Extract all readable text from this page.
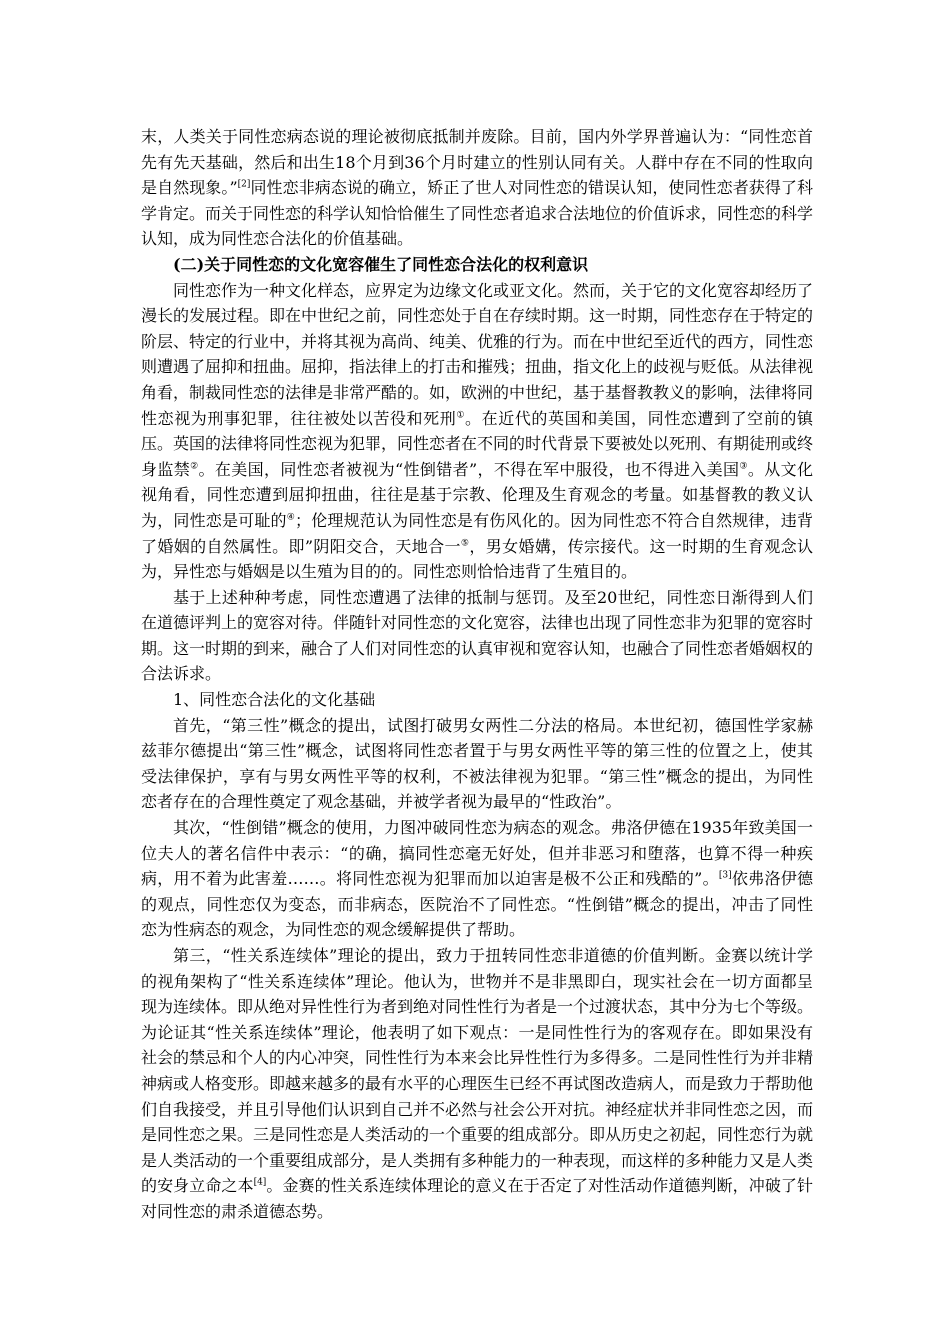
末，人类关于同性恋病态说的理论被彻底抵制并废除。目前，国内外学界普遍认为：“同性恋首先有先天基础，然后和出生18个月到36个月时建立的性别认同有关。人群中存在不同的性取向是自然现象。”[2]同性恋非病态说的确立，矫正了世人对同性恋的错误认知，使同性恋者获得了科学肯定。而关于同性恋的科学认知恰恰催生了同性恋者追求合法地位的价值诉求，同性恋的科学认知，成为同性恋合法化的价值基础。

(二)关于同性恋的文化宽容催生了同性恋合法化的权利意识

同性恋作为一种文化样态，应界定为边缘文化或亚文化。然而，关于它的文化宽容却经历了漫长的发展过程。即在中世纪之前，同性恋处于自在存续时期。这一时期，同性恋存在于特定的阶层、特定的行业中，并将其视为高尚、纯美、优雅的行为。而在中世纪至近代的西方，同性恋则遭遇了屈抑和扭曲。屈抑，指法律上的打击和摧残；扭曲，指文化上的歧视与贬低。从法律视角看，制裁同性恋的法律是非常严酷的。如，欧洲的中世纪，基于基督教教义的影响，法律将同性恋视为刑事犯罪，往往被处以苦役和死刑①。在近代的英国和美国，同性恋遭到了空前的镇压。英国的法律将同性恋视为犯罪，同性恋者在不同的时代背景下要被处以死刑、有期徒刑或终身监禁②。在美国，同性恋者被视为“性倒错者”，不得在军中服役，也不得进入美国③。从文化视角看，同性恋遭到屈抑扭曲，往往是基于宗教、伦理及生育观念的考量。如基督教的教义认为，同性恋是可耻的④；伦理规范认为同性恋是有伤风化的。因为同性恋不符合自然规律，违背了婚姻的自然属性。即”阴阳交合，天地合一⑤，男女婚媾，传宗接代。这一时期的生育观念认为，异性恋与婚姻是以生殖为目的的。同性恋则恰恰违背了生殖目的。

基于上述种种考虑，同性恋遭遇了法律的抵制与惩罚。及至20世纪，同性恋日渐得到人们在道德评判上的宽容对待。伴随针对同性恋的文化宽容，法律也出现了同性恋非为犯罪的宽容时期。这一时期的到来，融合了人们对同性恋的认真审视和宽容认知，也融合了同性恋者婚姻权的合法诉求。

1、同性恋合法化的文化基础

首先，“第三性”概念的提出，试图打破男女两性二分法的格局。本世纪初，德国性学家赫兹菲尔德提出“第三性”概念，试图将同性恋者置于与男女两性平等的第三性的位置之上，使其受法律保护，享有与男女两性平等的权利，不被法律视为犯罪。“第三性”概念的提出，为同性恋者存在的合理性奠定了观念基础，并被学者视为最早的“性政治”。

其次，“性倒错”概念的使用，力图冲破同性恋为病态的观念。弗洛伊德在1935年致美国一位夫人的著名信件中表示：“的确，搞同性恋毫无好处，但并非恶习和堕落，也算不得一种疾病，用不着为此害羞……。将同性恋视为犯罪而加以迫害是极不公正和残酷的”。[3]依弗洛伊德的观点，同性恋仅为变态，而非病态，医院治不了同性恋。“性倒错”概念的提出，冲击了同性恋为性病态的观念，为同性恋的观念缓解提供了帮助。

第三，“性关系连续体”理论的提出，致力于扭转同性恋非道德的价值判断。金赛以统计学的视角架构了“性关系连续体”理论。他认为，世物并不是非黑即白，现实社会在一切方面都呈现为连续体。即从绝对异性性行为者到绝对同性性行为者是一个过渡状态，其中分为七个等级。为论证其“性关系连续体”理论，他表明了如下观点：一是同性性行为的客观存在。即如果没有社会的禁忌和个人的内心冲突，同性性行为本来会比异性性行为多得多。二是同性性行为并非精神病或人格变形。即越来越多的最有水平的心理医生已经不再试图改造病人，而是致力于帮助他们自我接受，并且引导他们认识到自己并不必然与社会公开对抗。神经症状并非同性恋之因，而是同性恋之果。三是同性恋是人类活动的一个重要的组成部分。即从历史之初起，同性恋行为就是人类活动的一个重要组成部分，是人类拥有多种能力的一种表现，而这样的多种能力又是人类的安身立命之本[4]。金赛的性关系连续体理论的意义在于否定了对性活动作道德判断，冲破了针对同性恋的肃杀道德态势。
